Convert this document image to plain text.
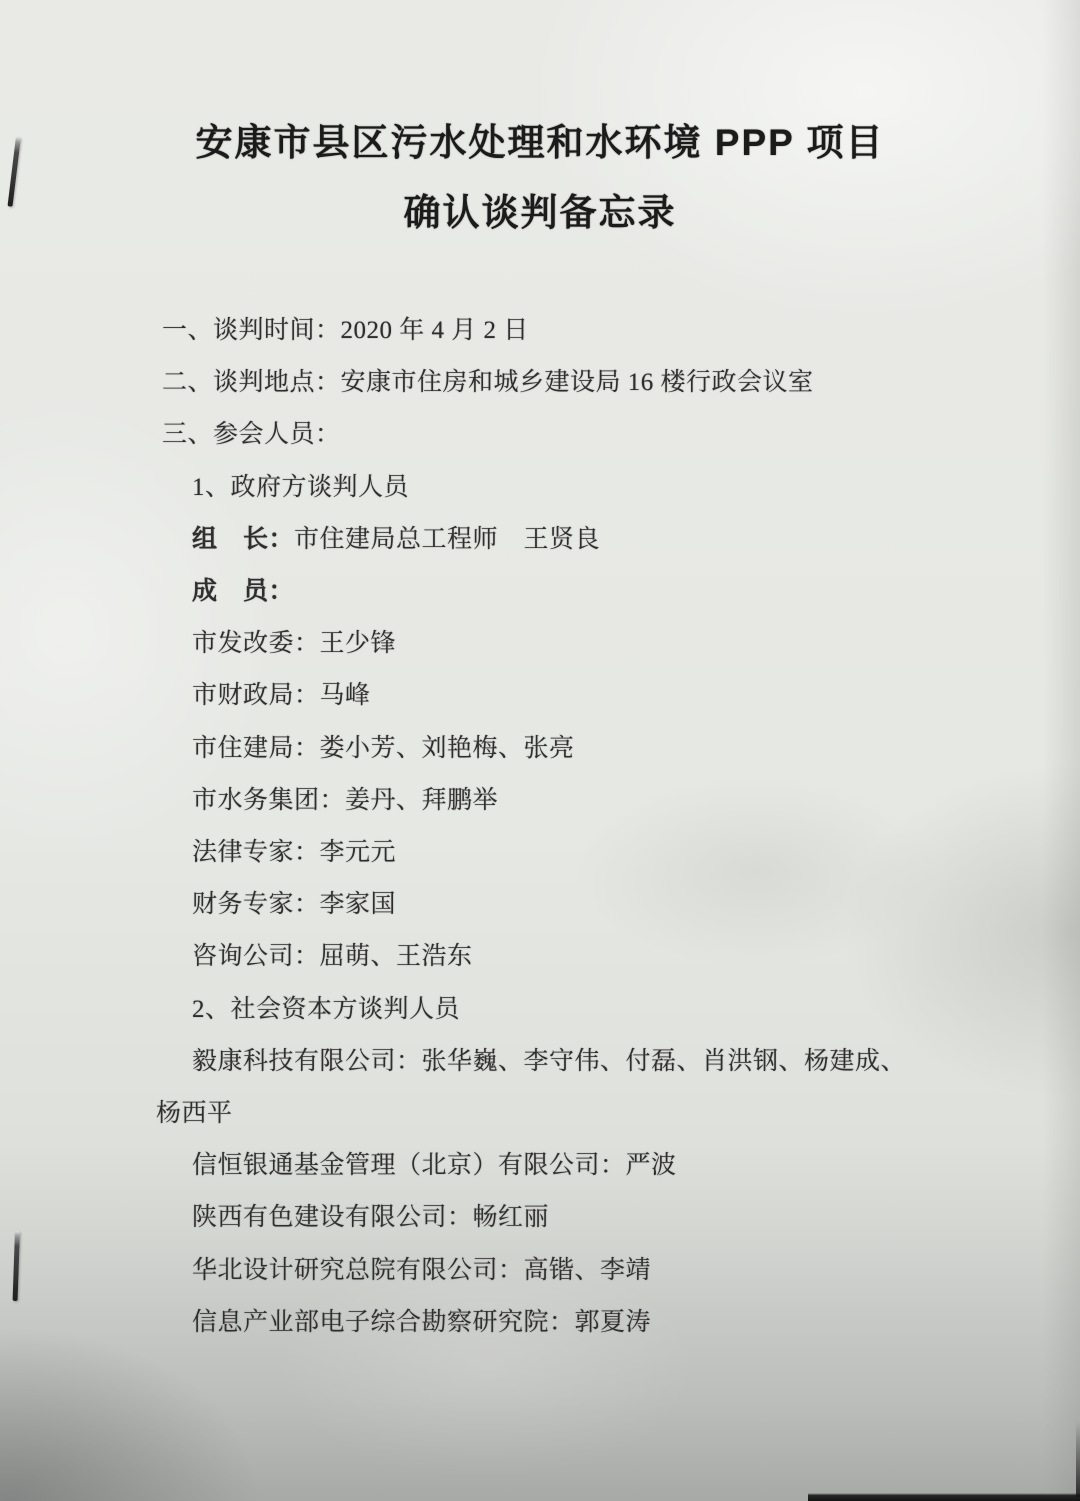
安康市县区污水处理和水环境 PPP 项目
确认谈判备忘录

一、谈判时间：2020 年 4 月 2 日

二、谈判地点：安康市住房和城乡建设局 16 楼行政会议室

三、参会人员：

1、政府方谈判人员

组　长：市住建局总工程师　王贤良

成　员：

市发改委：王少锋

市财政局：马峰

市住建局：娄小芳、刘艳梅、张亮

市水务集团：姜丹、拜鹏举

法律专家：李元元

财务专家：李家国

咨询公司：屈萌、王浩东

2、社会资本方谈判人员

毅康科技有限公司：张华巍、李守伟、付磊、肖洪钢、杨建成、

杨西平

信恒银通基金管理（北京）有限公司：严波

陕西有色建设有限公司：畅红丽

华北设计研究总院有限公司：高锴、李靖

信息产业部电子综合勘察研究院：郭夏涛
